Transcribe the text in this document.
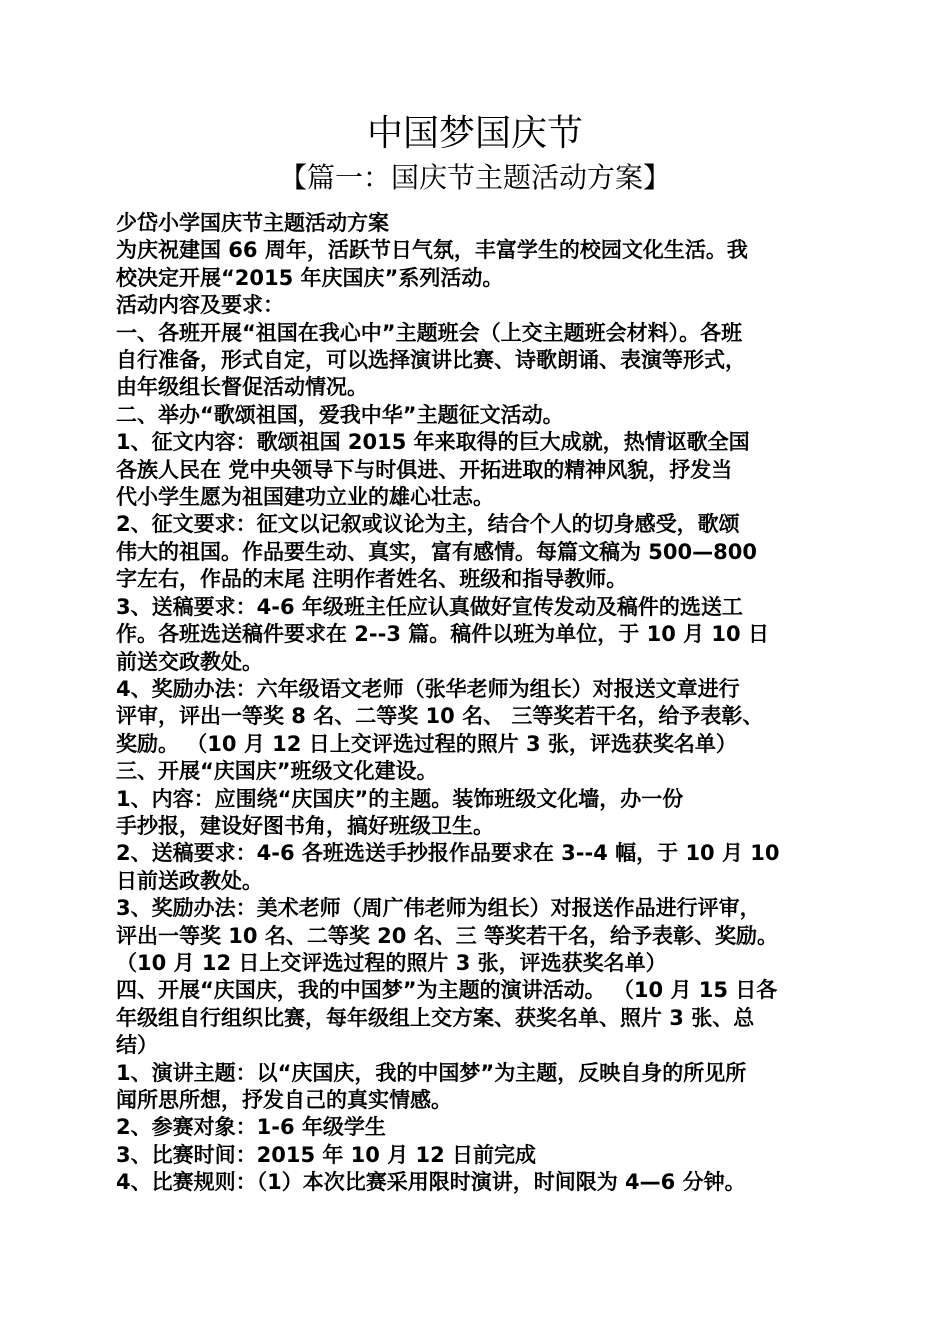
中国梦国庆节
【篇一：国庆节主题活动方案】
少岱小学国庆节主题活动方案
为庆祝建国 66 周年，活跃节日气氛，丰富学生的校园文化生活。我
校决定开展“2015 年庆国庆”系列活动。
活动内容及要求：
一、各班开展“祖国在我心中”主题班会（上交主题班会材料）。各班
自行准备，形式自定，可以选择演讲比赛、诗歌朗诵、表演等形式，
由年级组长督促活动情况。
二、举办“歌颂祖国，爱我中华”主题征文活动。
1、征文内容：歌颂祖国 2015 年来取得的巨大成就，热情讴歌全国
各族人民在 党中央领导下与时俱进、开拓进取的精神风貌，抒发当
代小学生愿为祖国建功立业的雄心壮志。
2、征文要求：征文以记叙或议论为主，结合个人的切身感受，歌颂
伟大的祖国。作品要生动、真实，富有感情。每篇文稿为 500—800
字左右，作品的末尾 注明作者姓名、班级和指导教师。
3、送稿要求：4-6 年级班主任应认真做好宣传发动及稿件的选送工
作。各班选送稿件要求在 2--3 篇。稿件以班为单位，于 10 月 10 日
前送交政教处。
4、奖励办法：六年级语文老师（张华老师为组长）对报送文章进行
评审，评出一等奖 8 名、二等奖 10 名、 三等奖若干名，给予表彰、
奖励。 （10 月 12 日上交评选过程的照片 3 张，评选获奖名单）
三、开展“庆国庆”班级文化建设。
1、内容：应围绕“庆国庆”的主题。装饰班级文化墙，办一份
手抄报，建设好图书角，搞好班级卫生。
2、送稿要求：4-6 各班选送手抄报作品要求在 3--4 幅，于 10 月 10
日前送政教处。
3、奖励办法：美术老师（周广伟老师为组长）对报送作品进行评审，
评出一等奖 10 名、二等奖 20 名、三 等奖若干名，给予表彰、奖励。
（10 月 12 日上交评选过程的照片 3 张，评选获奖名单）
四、开展“庆国庆，我的中国梦”为主题的演讲活动。 （10 月 15 日各
年级组自行组织比赛，每年级组上交方案、获奖名单、照片 3 张、总
结）
1、演讲主题：以“庆国庆，我的中国梦”为主题，反映自身的所见所
闻所思所想，抒发自己的真实情感。
2、参赛对象：1-6 年级学生
3、比赛时间：2015 年 10 月 12 日前完成
4、比赛规则：（1）本次比赛采用限时演讲，时间限为 4—6 分钟。
